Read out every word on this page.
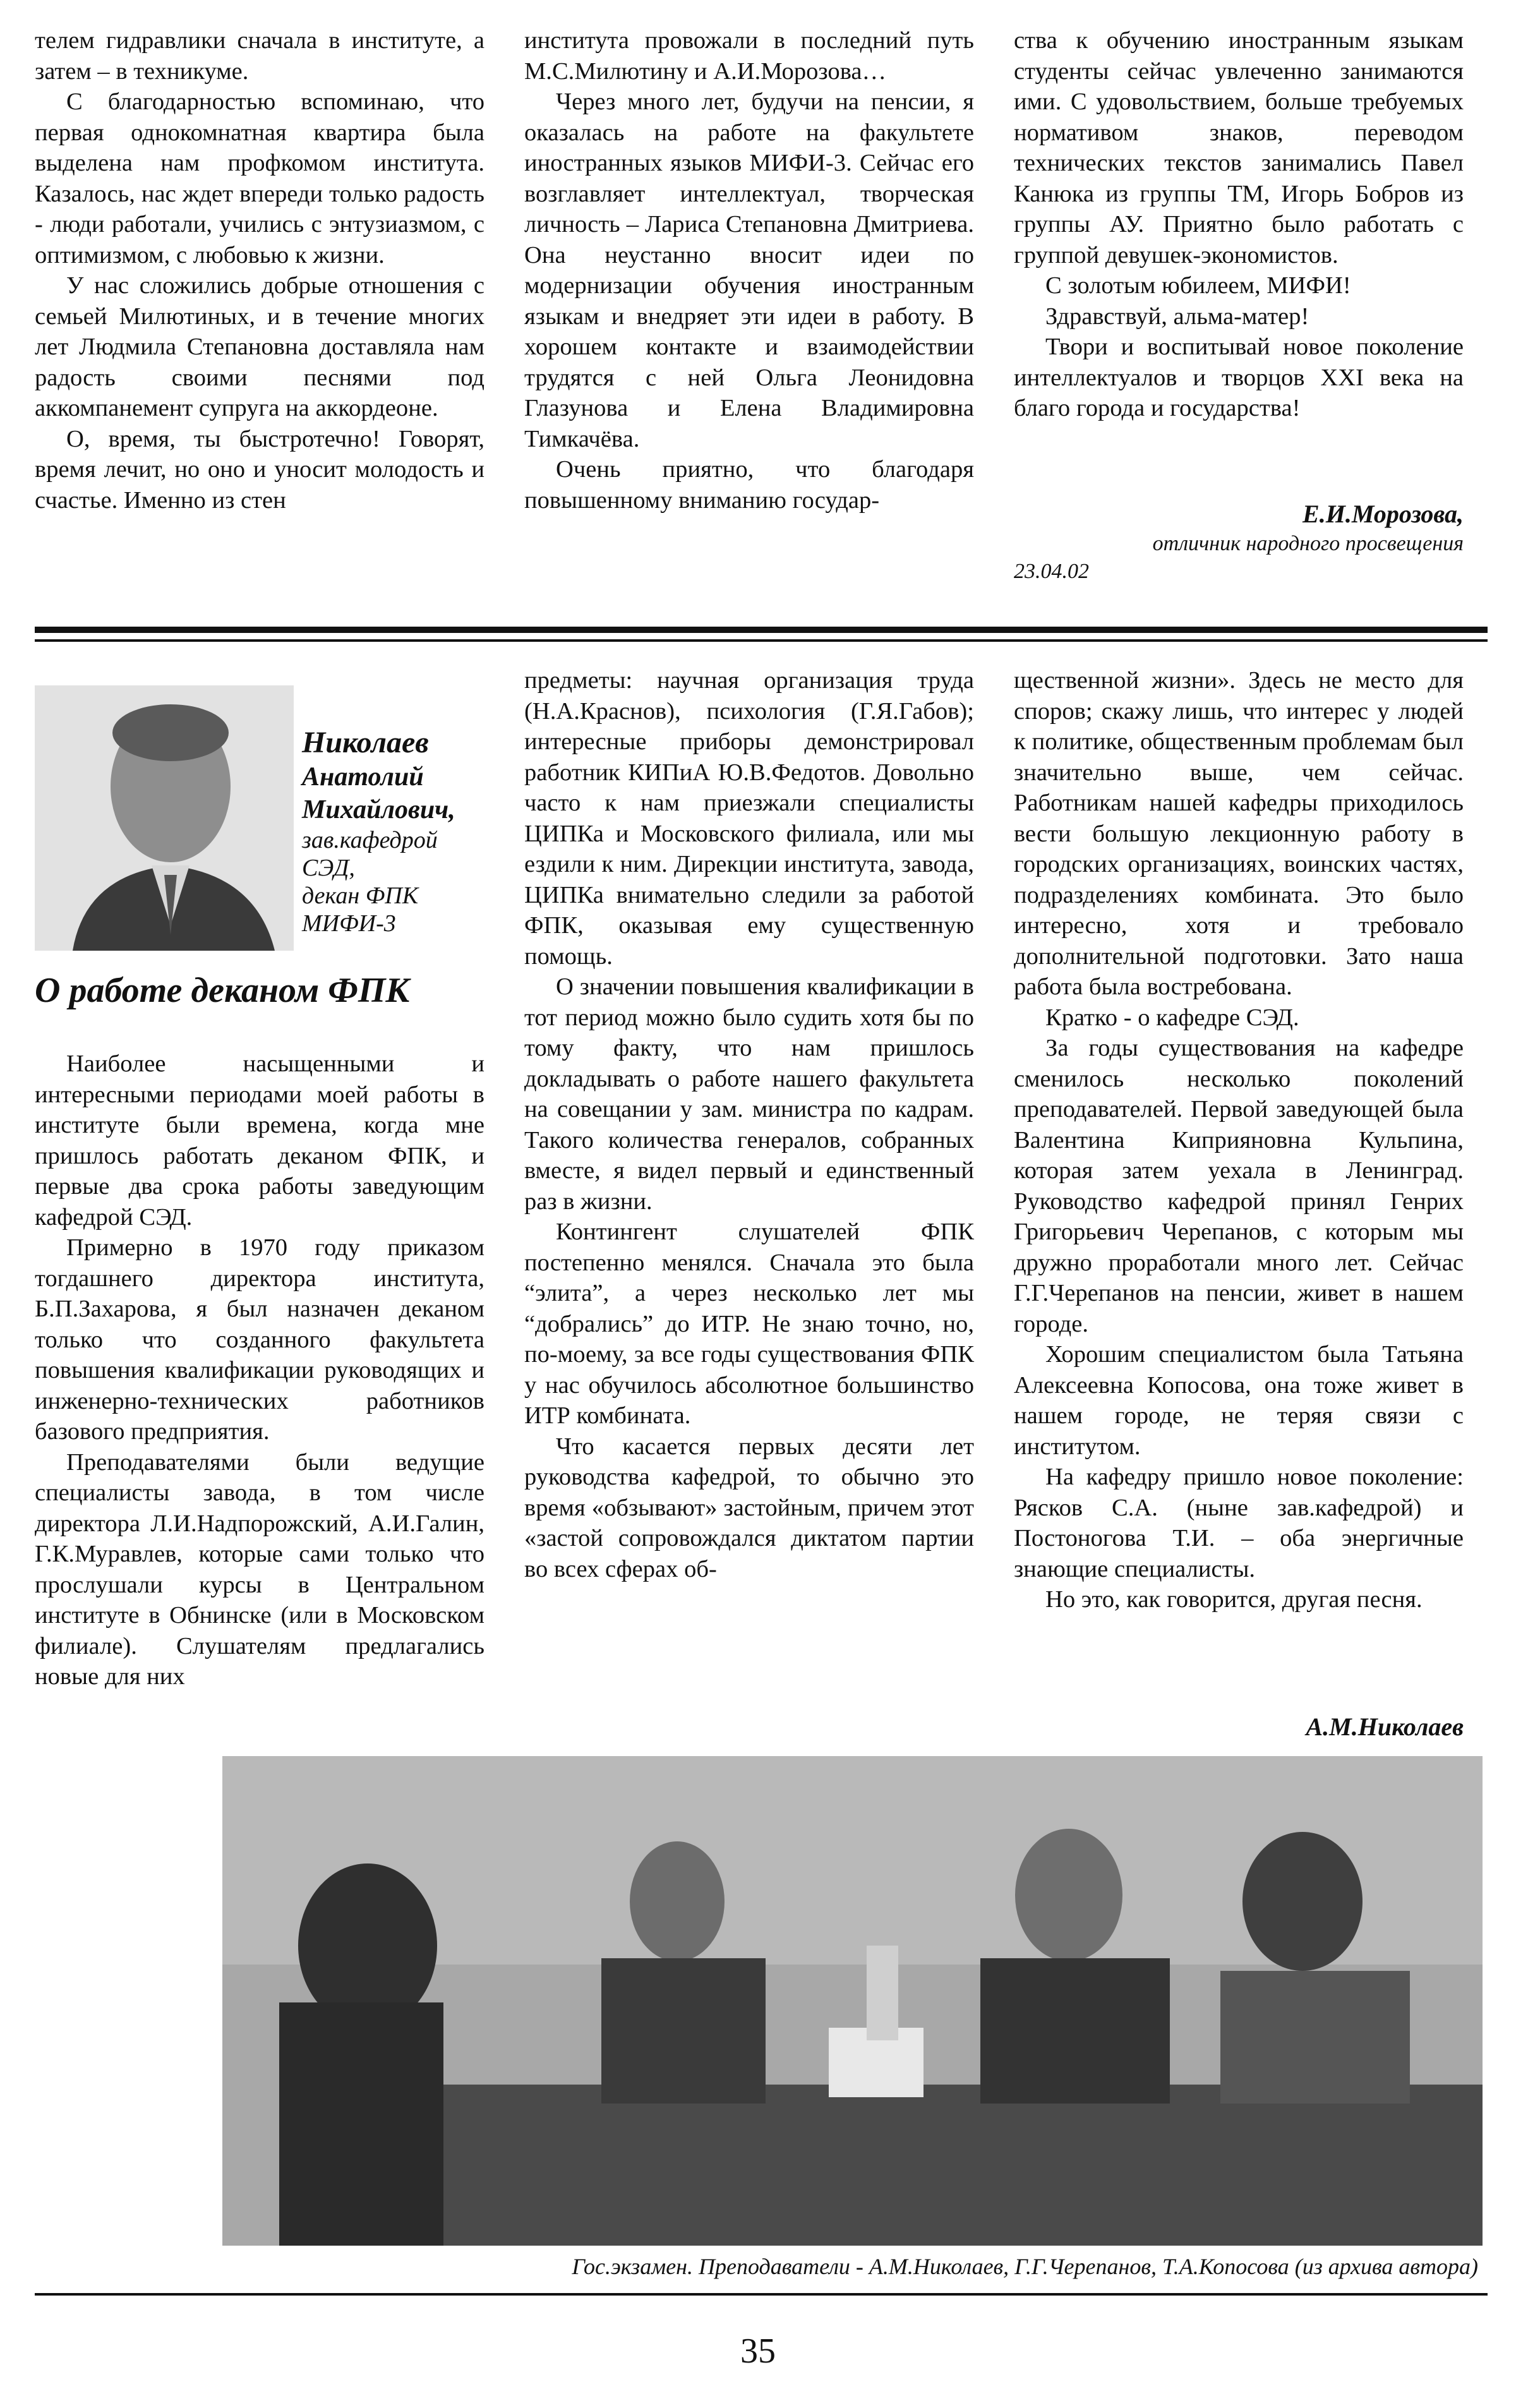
телем гидравлики сначала в институте, а затем – в техникуме.

С благодарностью вспоминаю, что первая однокомнатная квартира была выделена нам профкомом института. Казалось, нас ждет впереди только радость - люди работали, учились с энтузиазмом, с оптимизмом, с любовью к жизни.

У нас сложились добрые отношения с семьей Милютиных, и в течение многих лет Людмила Степановна доставляла нам радость своими песнями под аккомпанемент супруга на аккордеоне.

О, время, ты быстротечно! Говорят, время лечит, но оно и уносит молодость и счастье. Именно из стен

института провожали в последний путь М.С.Милютину и А.И.Морозова…

Через много лет, будучи на пенсии, я оказалась на работе на факультете иностранных языков МИФИ-3. Сейчас его возглавляет интеллектуал, творческая личность – Лариса Степановна Дмитриева. Она неустанно вносит идеи по модернизации обучения иностранным языкам и внедряет эти идеи в работу. В хорошем контакте и взаимодействии трудятся с ней Ольга Леонидовна Глазунова и Елена Владимировна Тимкачёва.

Очень приятно, что благодаря повышенному вниманию государ-

ства к обучению иностранным языкам студенты сейчас увлеченно занимаются ими. С удовольствием, больше требуемых нормативом знаков, переводом технических текстов занимались Павел Канюка из группы ТМ, Игорь Бобров из группы АУ. Приятно было работать с группой девушек-экономистов.

С золотым юбилеем, МИФИ!

Здравствуй, альма-матер!

Твори и воспитывай новое поколение интеллектуалов и творцов XXI века на благо города и государства!

Е.И.Морозова,
отличник народного просвещения
23.04.02
Николаев
Анатолий
Михайлович,
зав.кафедрой
СЭД,
декан ФПК
МИФИ-3
О работе деканом ФПК

Наиболее насыщенными и интересными периодами моей работы в институте были времена, когда мне пришлось работать деканом ФПК, и первые два срока работы заведующим кафедрой СЭД.

Примерно в 1970 году приказом тогдашнего директора института, Б.П.Захарова, я был назначен деканом только что созданного факультета повышения квалификации руководящих и инженерно-технических работников базового предприятия.

Преподавателями были ведущие специалисты завода, в том числе директора Л.И.Надпорожский, А.И.Галин, Г.К.Муравлев, которые сами только что прослушали курсы в Центральном институте в Обнинске (или в Московском филиале). Слушателям предлагались новые для них

предметы: научная организация труда (Н.А.Краснов), психология (Г.Я.Габов); интересные приборы демонстрировал работник КИПиА Ю.В.Федотов. Довольно часто к нам приезжали специалисты ЦИПКа и Московского филиала, или мы ездили к ним. Дирекции института, завода, ЦИПКа внимательно следили за работой ФПК, оказывая ему существенную помощь.

О значении повышения квалификации в тот период можно было судить хотя бы по тому факту, что нам пришлось докладывать о работе нашего факультета на совещании у зам. министра по кадрам. Такого количества генералов, собранных вместе, я видел первый и единственный раз в жизни.

Контингент слушателей ФПК постепенно менялся. Сначала это была “элита”, а через несколько лет мы “добрались” до ИТР. Не знаю точно, но, по-моему, за все годы существования ФПК у нас обучилось абсолютное большинство ИТР комбината.

Что касается первых десяти лет руководства кафедрой, то обычно это время «обзывают» застойным, причем этот «застой сопровождался диктатом партии во всех сферах об-

щественной жизни». Здесь не место для споров; скажу лишь, что интерес у людей к политике, общественным проблемам был значительно выше, чем сейчас. Работникам нашей кафедры приходилось вести большую лекционную работу в городских организациях, воинских частях, подразделениях комбината. Это было интересно, хотя и требовало дополнительной подготовки. Зато наша работа была востребована.

Кратко - о кафедре СЭД.

За годы существования на кафедре сменилось несколько поколений преподавателей. Первой заведующей была Валентина Киприяновна Кульпина, которая затем уехала в Ленинград. Руководство кафедрой принял Генрих Григорьевич Черепанов, с которым мы дружно проработали много лет. Сейчас Г.Г.Черепанов на пенсии, живет в нашем городе.

Хорошим специалистом была Татьяна Алексеевна Копосова, она тоже живет в нашем городе, не теряя связи с институтом.

На кафедру пришло новое поколение: Рясков С.А. (ныне зав.кафедрой) и Постоногова Т.И. – оба энергичные знающие специалисты.

Но это, как говорится, другая песня.

А.М.Николаев
Гос.экзамен. Преподаватели - А.М.Николаев, Г.Г.Черепанов, Т.А.Копосова (из архива автора)
35
